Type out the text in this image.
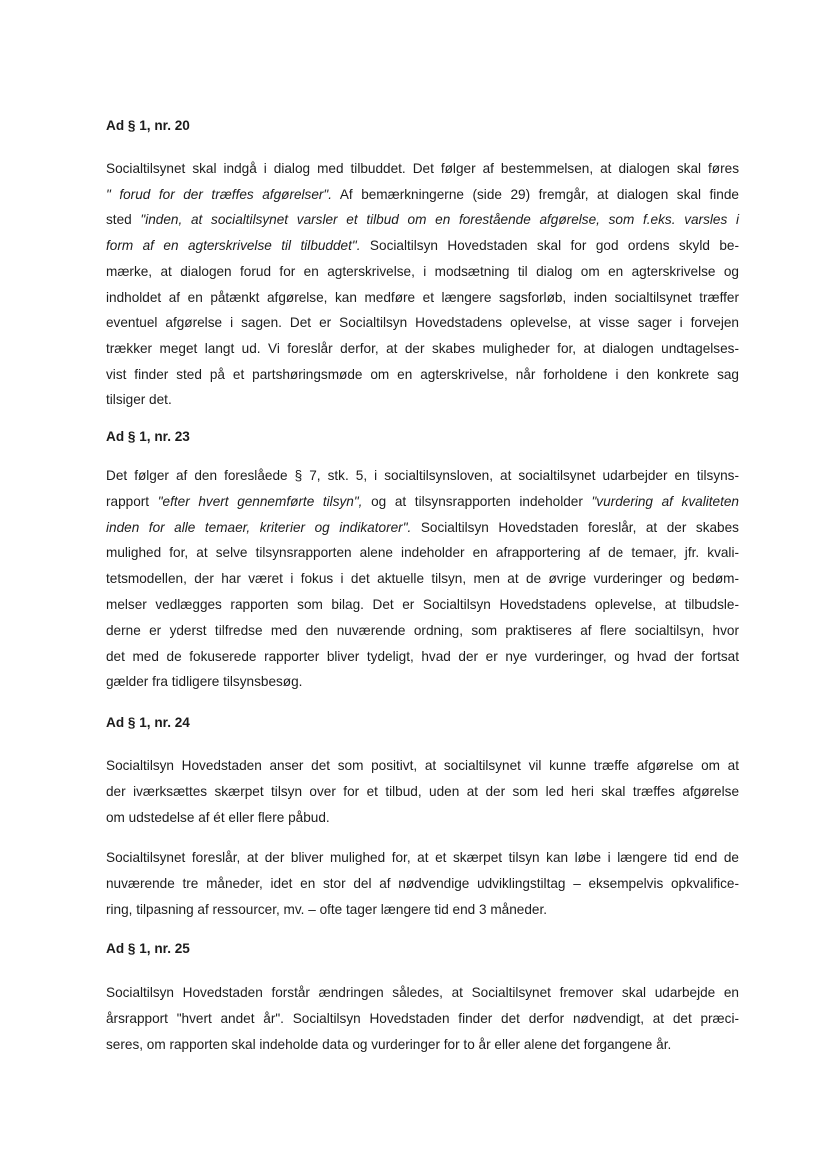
Ad § 1, nr. 20
Socialtilsynet skal indgå i dialog med tilbuddet. Det følger af bestemmelsen, at dialogen skal føres
" forud for der træffes afgørelser". Af bemærkningerne (side 29) fremgår, at dialogen skal finde
sted "inden, at socialtilsynet varsler et tilbud om en forestående afgørelse, som f.eks. varsles i
form af en agterskrivelse til tilbuddet". Socialtilsyn Hovedstaden skal for god ordens skyld be-
mærke, at dialogen forud for en agterskrivelse, i modsætning til dialog om en agterskrivelse og
indholdet af en påtænkt afgørelse, kan medføre et længere sagsforløb, inden socialtilsynet træffer
eventuel afgørelse i sagen. Det er Socialtilsyn Hovedstadens oplevelse, at visse sager i forvejen
trækker meget langt ud. Vi foreslår derfor, at der skabes muligheder for, at dialogen undtagelses-
vist finder sted på et partshøringsmøde om en agterskrivelse, når forholdene i den konkrete sag
tilsiger det.
Ad § 1, nr. 23
Det følger af den foreslåede § 7, stk. 5, i socialtilsynsloven, at socialtilsynet udarbejder en tilsyns-
rapport "efter hvert gennemførte tilsyn", og at tilsynsrapporten indeholder "vurdering af kvaliteten
inden for alle temaer, kriterier og indikatorer". Socialtilsyn Hovedstaden foreslår, at der skabes
mulighed for, at selve tilsynsrapporten alene indeholder en afrapportering af de temaer, jfr. kvali-
tetsmodellen, der har været i fokus i det aktuelle tilsyn, men at de øvrige vurderinger og bedøm-
melser vedlægges rapporten som bilag. Det er Socialtilsyn Hovedstadens oplevelse, at tilbudsle-
derne er yderst tilfredse med den nuværende ordning, som praktiseres af flere socialtilsyn, hvor
det med de fokuserede rapporter bliver tydeligt, hvad der er nye vurderinger, og hvad der fortsat
gælder fra tidligere tilsynsbesøg.
Ad § 1, nr. 24
Socialtilsyn Hovedstaden anser det som positivt, at socialtilsynet vil kunne træffe afgørelse om at
der iværksættes skærpet tilsyn over for et tilbud, uden at der som led heri skal træffes afgørelse
om udstedelse af ét eller flere påbud.
Socialtilsynet foreslår, at der bliver mulighed for, at et skærpet tilsyn kan løbe i længere tid end de
nuværende tre måneder, idet en stor del af nødvendige udviklingstiltag – eksempelvis opkvalifice-
ring, tilpasning af ressourcer, mv. – ofte tager længere tid end 3 måneder.
Ad § 1, nr. 25
Socialtilsyn Hovedstaden forstår ændringen således, at Socialtilsynet fremover skal udarbejde en
årsrapport "hvert andet år". Socialtilsyn Hovedstaden finder det derfor nødvendigt, at det præci-
seres, om rapporten skal indeholde data og vurderinger for to år eller alene det forgangene år.
